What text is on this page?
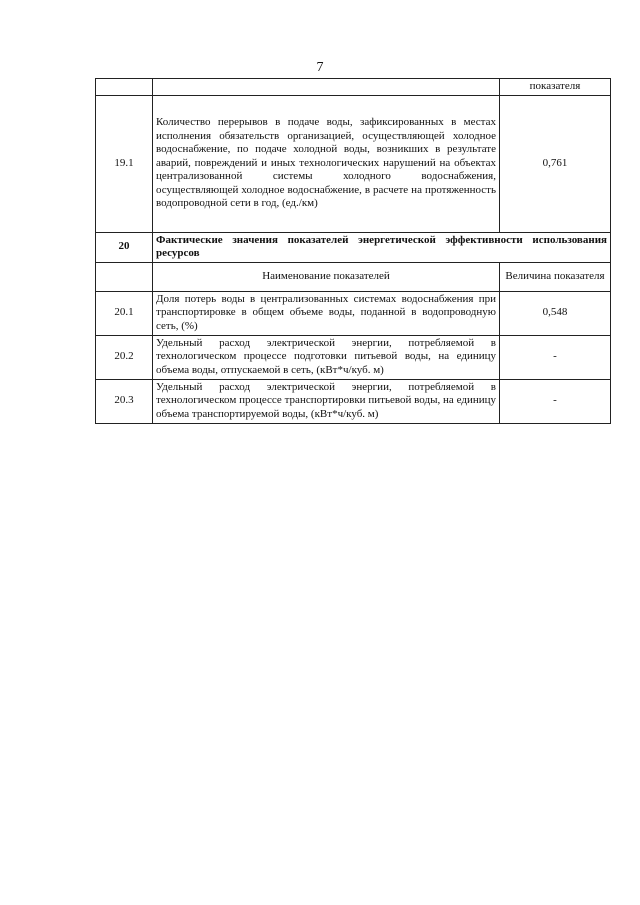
7
		показателя
19.1	Количество перерывов в подаче воды, зафиксированных в местах исполнения обязательств организацией, осуществляющей холодное водоснабжение, по подаче холодной воды, возникших в результате аварий, повреждений и иных технологических нарушений на объектах централизованной системы холодного водоснабжения, осуществляющей холодное водоснабжение, в расчете на протяженность водопроводной сети в год, (ед./км)	0,761
20	Фактические значения показателей энергетической эффективности использования ресурсов	
	Наименование показателей	Величина показателя
20.1	Доля потерь воды в централизованных системах водоснабжения при транспортировке в общем объеме воды, поданной в водопроводную сеть, (%)	0,548
20.2	Удельный расход электрической энергии, потребляемой в технологическом процессе подготовки питьевой воды, на единицу объема воды, отпускаемой в сеть, (кВт*ч/куб. м)	-
20.3	Удельный расход электрической энергии, потребляемой в технологическом процессе транспортировки питьевой воды, на единицу объема транспортируемой воды, (кВт*ч/куб. м)	-
